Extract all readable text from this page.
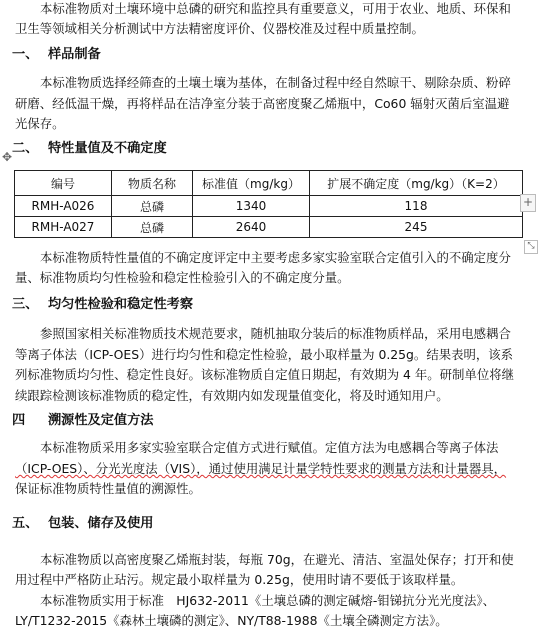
本标准物质对土壤环境中总磷的研究和监控具有重要意义，可用于农业、地质、环保和
卫生等领域相关分析测试中方法精密度评价、仪器校准及过程中质量控制。
一、 样品制备
本标准物质选择经筛查的土壤土壤为基体，在制备过程中经自然晾干、剔除杂质、粉碎
研磨、经低温干燥，再将样品在洁净室分装于高密度聚乙烯瓶中，Co60 辐射灭菌后室温避
光保存。
✥
二、 特性量值及不确定度
编号	物质名称	标准值（mg/kg）	扩展不确定度（mg/kg）（K=2）
RMH-A026	总磷	1340	118
RMH-A027	总磷	2640	245
+
⤡
本标准物质特性量值的不确定度评定中主要考虑多家实验室联合定值引入的不确定度分
量、标准物质均匀性检验和稳定性检验引入的不确定度分量。
三、 均匀性检验和稳定性考察
参照国家相关标准物质技术规范要求，随机抽取分装后的标准物质样品，采用电感耦合
等离子体法（ICP-OES）进行均匀性和稳定性检验，最小取样量为 0.25g。结果表明，该系
列标准物质均匀性、稳定性良好。该标准物质自定值日期起，有效期为 4 年。研制单位将继
续跟踪检测该标准物质的稳定性，有效期内如发现量值变化，将及时通知用户。
四 溯源性及定值方法
本标准物质采用多家实验室联合定值方式进行赋值。定值方法为电感耦合等离子体法
（ICP-OES）、分光光度法（VIS），通过使用满足计量学特性要求的测量方法和计量器具，
保证标准物质特性量值的溯源性。
五、 包装、储存及使用
本标准物质以高密度聚乙烯瓶封装，每瓶 70g，在避光、清洁、室温处保存；打开和使
用过程中严格防止玷污。规定最小取样量为 0.25g，使用时请不要低于该取样量。
本标准物质实用于标准　HJ632-2011《土壤总磷的测定碱熔-钼锑抗分光光度法》、
LY/T1232-2015《森林土壤磷的测定》、NY/T88-1988《土壤全磷测定方法》。
